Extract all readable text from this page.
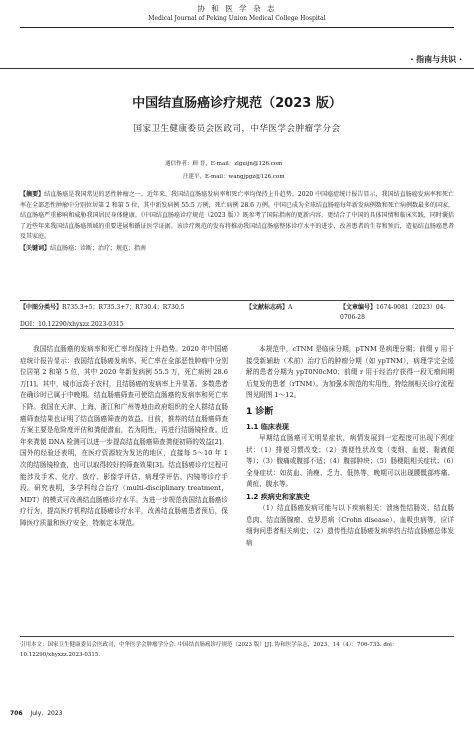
协 和 医 学 杂 志
Medical Journal of Peking Union Medical College Hospital
· 指南与共识 ·
中国结直肠癌诊疗规范（2023 版）
国家卫生健康委员会医政司，中华医学会肿瘤学分会
通信作者：顾 晋，E-mail：zlguijn@126.com
汪建平，E-mail：wangjpgz@126.com

【摘要】结直肠癌是我国常见的恶性肿瘤之一。近年来，我国结直肠癌发病率和死亡率均保持上升趋势。2020 中国癌症统计报告显示，我国结直肠癌发病率和死亡率在全部恶性肿瘤中分别位居第 2 和第 5 位，其中新发病例 55.5 万例，死亡病例 28.6 万例。中国已成为全球结直肠癌每年新发病例数和死亡病例数最多的国家，结直肠癌严重影响和威胁我国居民身体健康。《中国结直肠癌诊疗规范（2023 版）》既参考了国际指南的更新内容，更结合了中国的具体国情和临床实践，同时囊括了近些年来我国结直肠癌领域的重要进展和循证医学证据。该诊疗规范的发布将推动我国结直肠癌整体诊疗水平的进步，改善患者的生存和预后，造福结直肠癌患者及其家庭。

【关键词】结直肠癌；诊断；治疗；规范；指南

【中图分类号】R735.3+5；R735.3+7；R730.4；R730.5	【文献标志码】A	【文章编号】1674-9081（2023）04-0706-28
DOI：10.12290/xhyxzz.2023-0315

我国结直肠癌的发病率和死亡率均保持上升趋势。2020 年中国癌症统计报告显示：我国结直肠癌发病率、死亡率在全部恶性肿瘤中分别位居第 2 和第 5 位，其中 2020 年新发病例 55.5 万，死亡病例 28.6 万[1]。其中，城市远高于农村，且结肠癌的发病率上升显著。多数患者在确诊时已属于中晚期。结直肠癌筛查可使结直肠癌的发病率和死亡率下降。我国在天津、上海、浙江和广州等地由政府组织的全人群结直肠癌筛查结果也证明了结直肠癌筛查的效益。目前，推荐的结直肠癌筛查方案主要是危险度评估和粪便潜血，若为阳性，再进行结肠镜检查。近年来粪便 DNA 检测可以进一步提高结直肠癌筛查粪便初筛的效益[2]。国外的经验还表明，在医疗资源较为发达的地区，直接每 5～10 年 1 次的结肠镜检查，也可以取得较好的筛查效果[3]。结直肠癌诊疗过程可能涉及手术、化疗、放疗、影像学评估、病理学评估、内镜等诊疗手段。研究表明，多学科综合治疗（multi-disciplinary treatment，MDT）的模式可改善结直肠癌诊疗水平。为进一步规范我国结直肠癌诊疗行为，提高医疗机构结直肠癌诊疗水平，改善结直肠癌患者预后，保障医疗质量和医疗安全，特制定本规范。

本规范中，cTNM 是临床分期，pTNM 是病理分期；前缀 y 用于接受新辅助（术前）治疗后的肿瘤分期（如 ypTNM），病理学完全缓解的患者分期为 ypT0N0cM0；前缀 r 用于经治疗获得一段无瘤间期后复发的患者（rTNM）。为加强本规范的实用性，特绘制相关诊疗流程图见附图 1～12。

1 诊断
1.1 临床表现

早期结直肠癌可无明显症状，病情发展到一定程度可出现下列症状：（1）排便习惯改变；（2）粪便性状改变（变细、血便、黏液便等）；（3）腹痛或腹部不适；（4）腹部肿块；（5）肠梗阻相关症状；（6）全身症状：如贫血、消瘦、乏力、低热等，晚期可以出现腰骶部疼痛、黄疸、腹水等。

1.2 疾病史和家族史

（1）结直肠癌发病可能与以下疾病相关：溃疡性结肠炎、结直肠息肉、结直肠腺瘤、克罗恩病（Crohn disease）、血吸虫病等，应详细询问患者相关病史；（2）遗传性结直肠癌发病率约占结直肠癌总体发病

引用本文：国家卫生健康委员会医政司，中华医学会肿瘤学分会. 中国结直肠癌诊疗规范（2023 版）[J]. 协和医学杂志，2023，14（4）：706-733. doi：10.12290/xhyxzz.2023-0315.
706 July，2023
